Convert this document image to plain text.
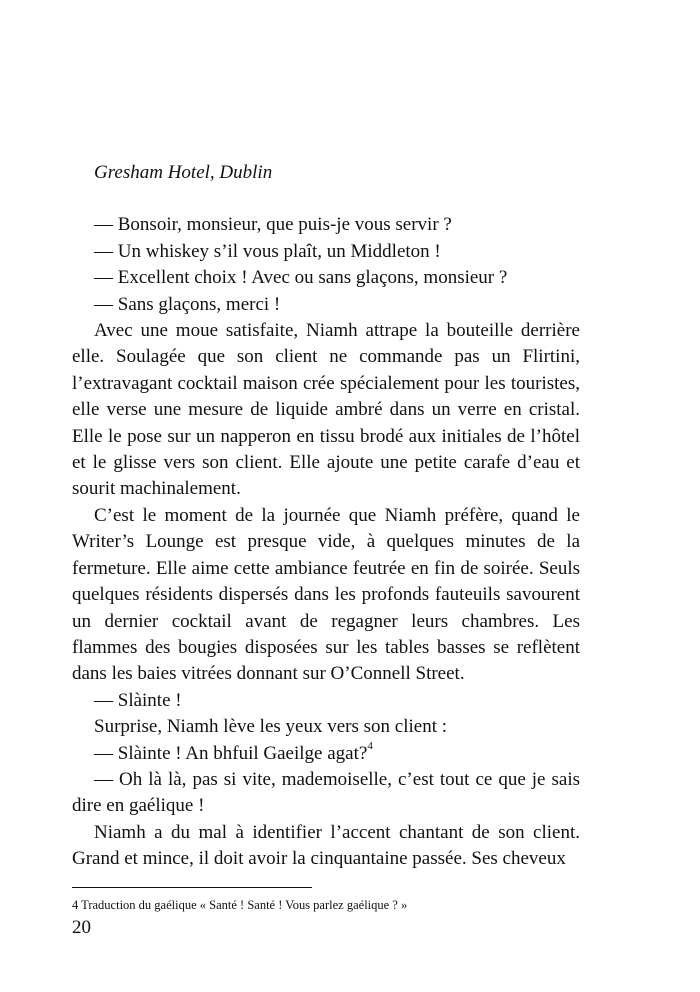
Gresham Hotel, Dublin

— Bonsoir, monsieur, que puis-je vous servir ?

— Un whiskey s’il vous plaît, un Middleton !

— Excellent choix ! Avec ou sans glaçons, monsieur ?

— Sans glaçons, merci !

Avec une moue satisfaite, Niamh attrape la bouteille derrière elle. Soulagée que son client ne commande pas un Flirtini, l’extravagant cocktail maison crée spécialement pour les touristes, elle verse une mesure de liquide ambré dans un verre en cristal. Elle le pose sur un napperon en tissu brodé aux initiales de l’hôtel et le glisse vers son client. Elle ajoute une petite carafe d’eau et sourit machinalement.

C’est le moment de la journée que Niamh préfère, quand le Writer’s Lounge est presque vide, à quelques minutes de la fermeture. Elle aime cette ambiance feutrée en fin de soirée. Seuls quelques résidents dispersés dans les profonds fauteuils savourent un dernier cocktail avant de regagner leurs chambres. Les flammes des bougies disposées sur les tables basses se reflètent dans les baies vitrées donnant sur O’Connell Street.

— Slàinte !

Surprise, Niamh lève les yeux vers son client :

— Slàinte ! An bhfuil Gaeilge agat?$^4$

— Oh là là, pas si vite, mademoiselle, c’est tout ce que je sais dire en gaélique !

Niamh a du mal à identifier l’accent chantant de son client. Grand et mince, il doit avoir la cinquantaine passée. Ses cheveux

4 Traduction du gaélique « Santé ! Santé ! Vous parlez gaélique ? »
20
